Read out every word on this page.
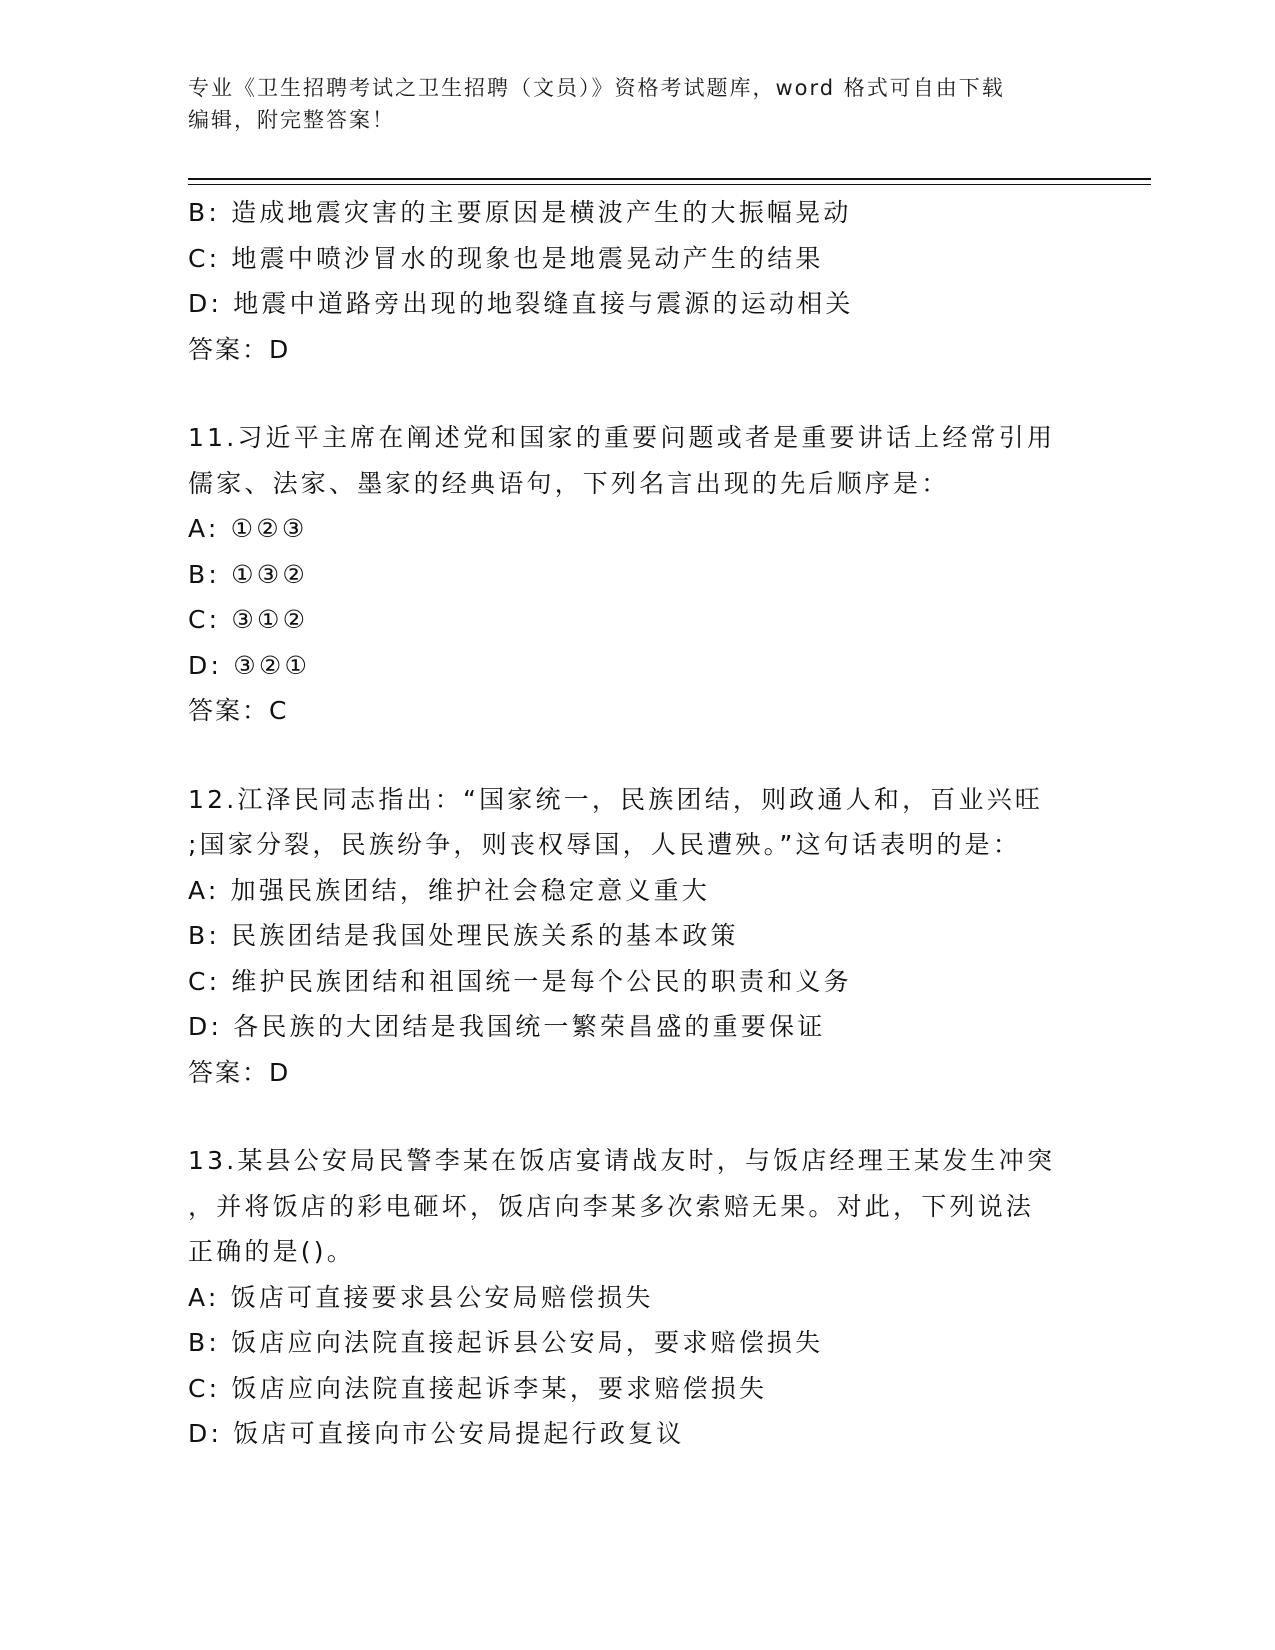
专业《卫生招聘考试之卫生招聘（文员）》资格考试题库，word 格式可自由下载
编辑，附完整答案！
B: 造成地震灾害的主要原因是横波产生的大振幅晃动
C: 地震中喷沙冒水的现象也是地震晃动产生的结果
D: 地震中道路旁出现的地裂缝直接与震源的运动相关
答案：D
11.习近平主席在阐述党和国家的重要问题或者是重要讲话上经常引用
儒家、法家、墨家的经典语句，下列名言出现的先后顺序是：
A: ①②③
B: ①③②
C: ③①②
D: ③②①
答案：C
12.江泽民同志指出：“国家统一，民族团结，则政通人和，百业兴旺
;国家分裂，民族纷争，则丧权辱国，人民遭殃。”这句话表明的是：
A: 加强民族团结，维护社会稳定意义重大
B: 民族团结是我国处理民族关系的基本政策
C: 维护民族团结和祖国统一是每个公民的职责和义务
D: 各民族的大团结是我国统一繁荣昌盛的重要保证
答案：D
13.某县公安局民警李某在饭店宴请战友时，与饭店经理王某发生冲突
，并将饭店的彩电砸坏，饭店向李某多次索赔无果。对此，下列说法
正确的是()。
A: 饭店可直接要求县公安局赔偿损失
B: 饭店应向法院直接起诉县公安局，要求赔偿损失
C: 饭店应向法院直接起诉李某，要求赔偿损失
D: 饭店可直接向市公安局提起行政复议
